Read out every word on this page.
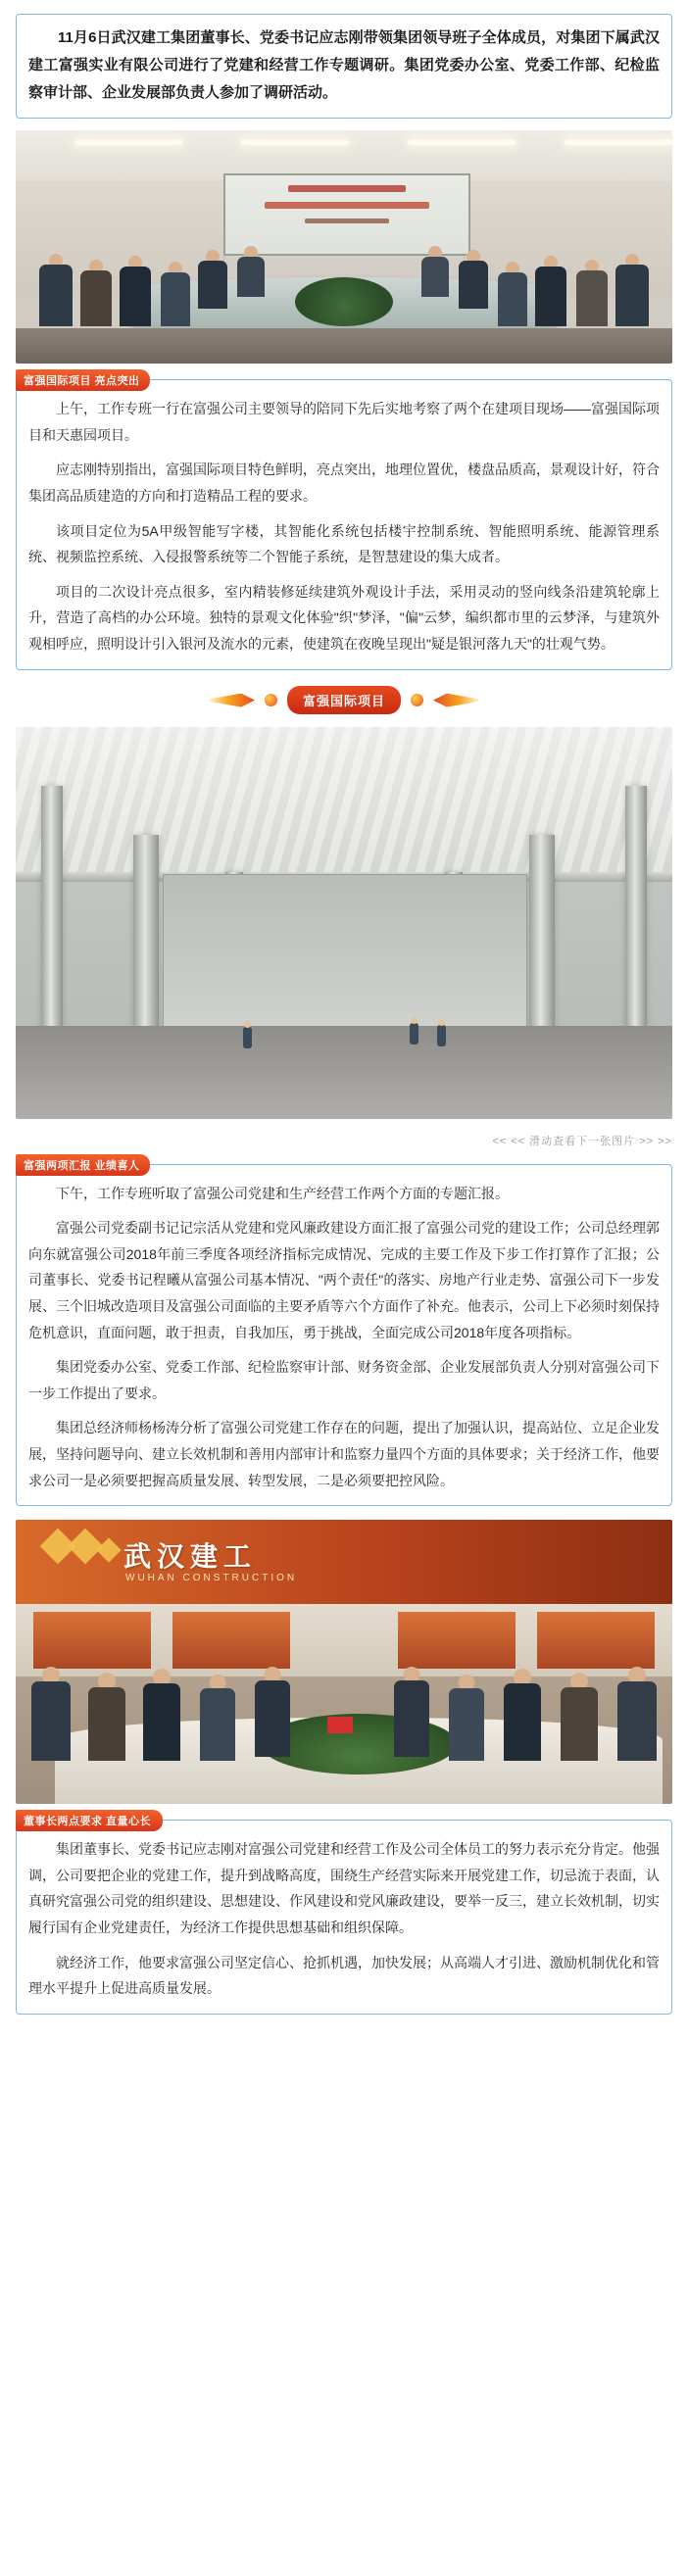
11月6日武汉建工集团董事长、党委书记应志刚带领集团领导班子全体成员，对集团下属武汉建工富强实业有限公司进行了党建和经营工作专题调研。集团党委办公室、党委工作部、纪检监察审计部、企业发展部负责人参加了调研活动。

富强国际项目 亮点突出

上午，工作专班一行在富强公司主要领导的陪同下先后实地考察了两个在建项目现场——富强国际项目和天惠园项目。

应志刚特别指出，富强国际项目特色鲜明，亮点突出，地理位置优，楼盘品质高，景观设计好，符合集团高品质建造的方向和打造精品工程的要求。

该项目定位为5A甲级智能写字楼，其智能化系统包括楼宇控制系统、智能照明系统、能源管理系统、视频监控系统、入侵报警系统等二个智能子系统，是智慧建设的集大成者。

项目的二次设计亮点很多，室内精装修延续建筑外观设计手法，采用灵动的竖向线条沿建筑轮廓上升，营造了高档的办公环境。独特的景观文化体验"织"梦泽，"偏"云梦，编织都市里的云梦泽，与建筑外观相呼应，照明设计引入银河及流水的元素，使建筑在夜晚呈现出"疑是银河落九天"的壮观气势。

富强国际项目
<< << 滑动查看下一张图片 >> >>
富强两项汇报 业绩喜人

下午，工作专班听取了富强公司党建和生产经营工作两个方面的专题汇报。

富强公司党委副书记记宗活从党建和党风廉政建设方面汇报了富强公司党的建设工作；公司总经理郭向东就富强公司2018年前三季度各项经济指标完成情况、完成的主要工作及下步工作打算作了汇报；公司董事长、党委书记程曦从富强公司基本情况、"两个责任"的落实、房地产行业走势、富强公司下一步发展、三个旧城改造项目及富强公司面临的主要矛盾等六个方面作了补充。他表示，公司上下必须时刻保持危机意识，直面问题，敢于担责，自我加压，勇于挑战，全面完成公司2018年度各项指标。

集团党委办公室、党委工作部、纪检监察审计部、财务资金部、企业发展部负责人分别对富强公司下一步工作提出了要求。

集团总经济师杨杨涛分析了富强公司党建工作存在的问题，提出了加强认识，提高站位、立足企业发展，坚持问题导向、建立长效机制和善用内部审计和监察力量四个方面的具体要求；关于经济工作，他要求公司一是必须要把握高质量发展、转型发展，二是必须要把控风险。

武汉建工
WUHAN CONSTRUCTION
董事长两点要求 直量心长

集团董事长、党委书记应志刚对富强公司党建和经营工作及公司全体员工的努力表示充分肯定。他强调，公司要把企业的党建工作，提升到战略高度，围绕生产经营实际来开展党建工作，切忌流于表面，认真研究富强公司党的组织建设、思想建设、作风建设和党风廉政建设，要举一反三，建立长效机制，切实履行国有企业党建责任，为经济工作提供思想基础和组织保障。

就经济工作，他要求富强公司坚定信心、抢抓机遇，加快发展；从高端人才引进、激励机制优化和管理水平提升上促进高质量发展。
